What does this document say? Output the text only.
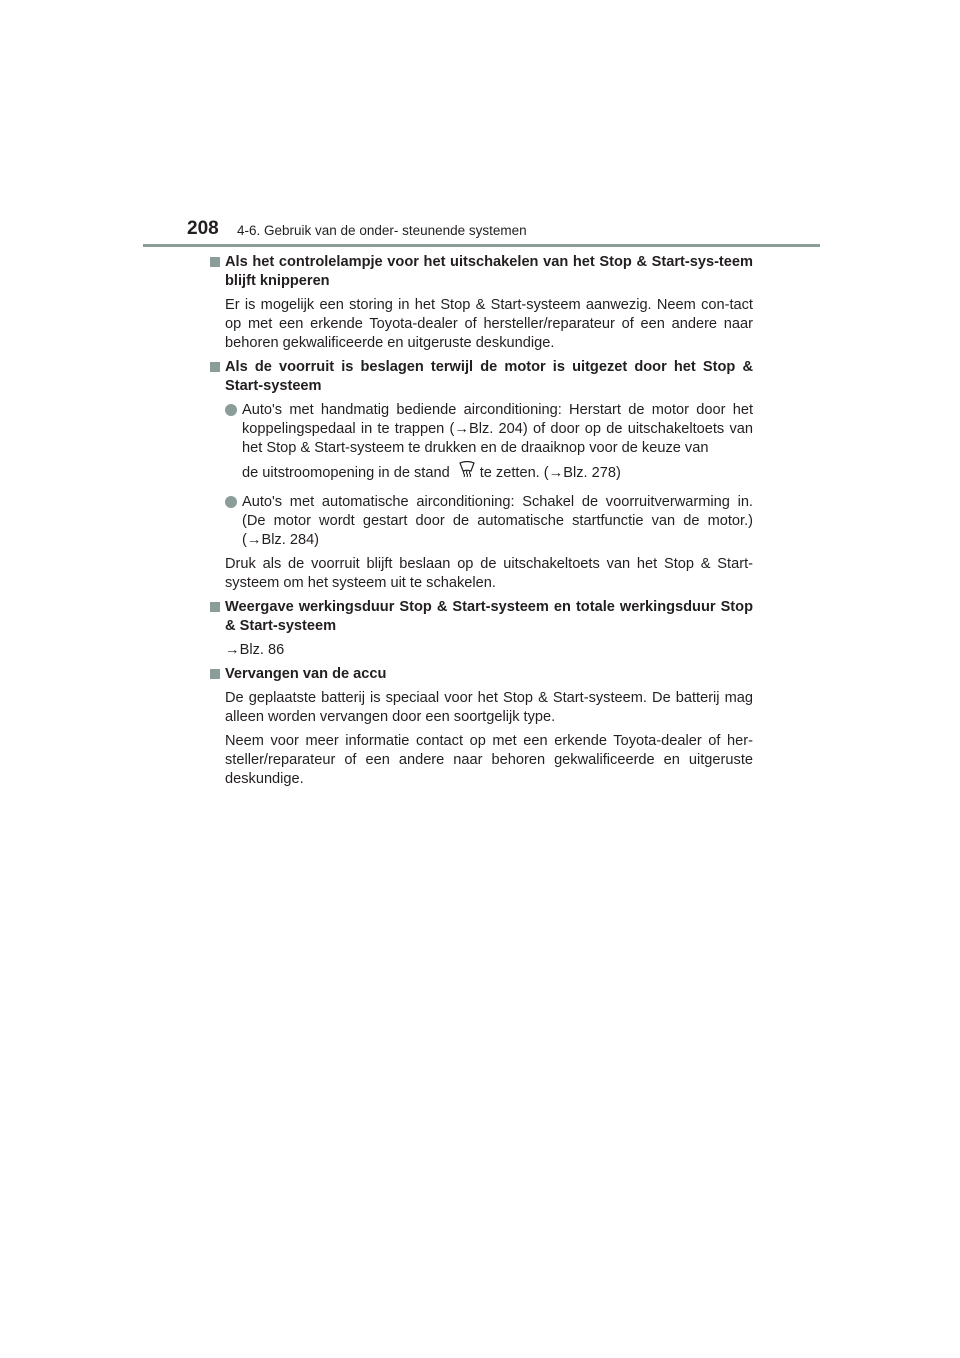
208 4-6. Gebruik van de onder- steunende systemen
Als het controlelampje voor het uitschakelen van het Stop & Start-sys-teem blijft knipperen
Er is mogelijk een storing in het Stop & Start-systeem aanwezig. Neem con-tact op met een erkende Toyota-dealer of hersteller/reparateur of een andere naar behoren gekwalificeerde en uitgeruste deskundige.
Als de voorruit is beslagen terwijl de motor is uitgezet door het Stop & Start-systeem
Auto's met handmatig bediende airconditioning: Herstart de motor door het koppelingspedaal in te trappen (→Blz. 204) of door op de uitschakeltoets van het Stop & Start-systeem te drukken en de draaiknop voor de keuze van
de uitstroomopening in de stand te zetten. (→Blz. 278)
Auto's met automatische airconditioning: Schakel de voorruitverwarming in. (De motor wordt gestart door de automatische startfunctie van de motor.) (→Blz. 284)
Druk als de voorruit blijft beslaan op de uitschakeltoets van het Stop & Start-systeem om het systeem uit te schakelen.
Weergave werkingsduur Stop & Start-systeem en totale werkingsduur Stop & Start-systeem
→Blz. 86
Vervangen van de accu
De geplaatste batterij is speciaal voor het Stop & Start-systeem. De batterij mag alleen worden vervangen door een soortgelijk type.
Neem voor meer informatie contact op met een erkende Toyota-dealer of her-steller/reparateur of een andere naar behoren gekwalificeerde en uitgeruste deskundige.
